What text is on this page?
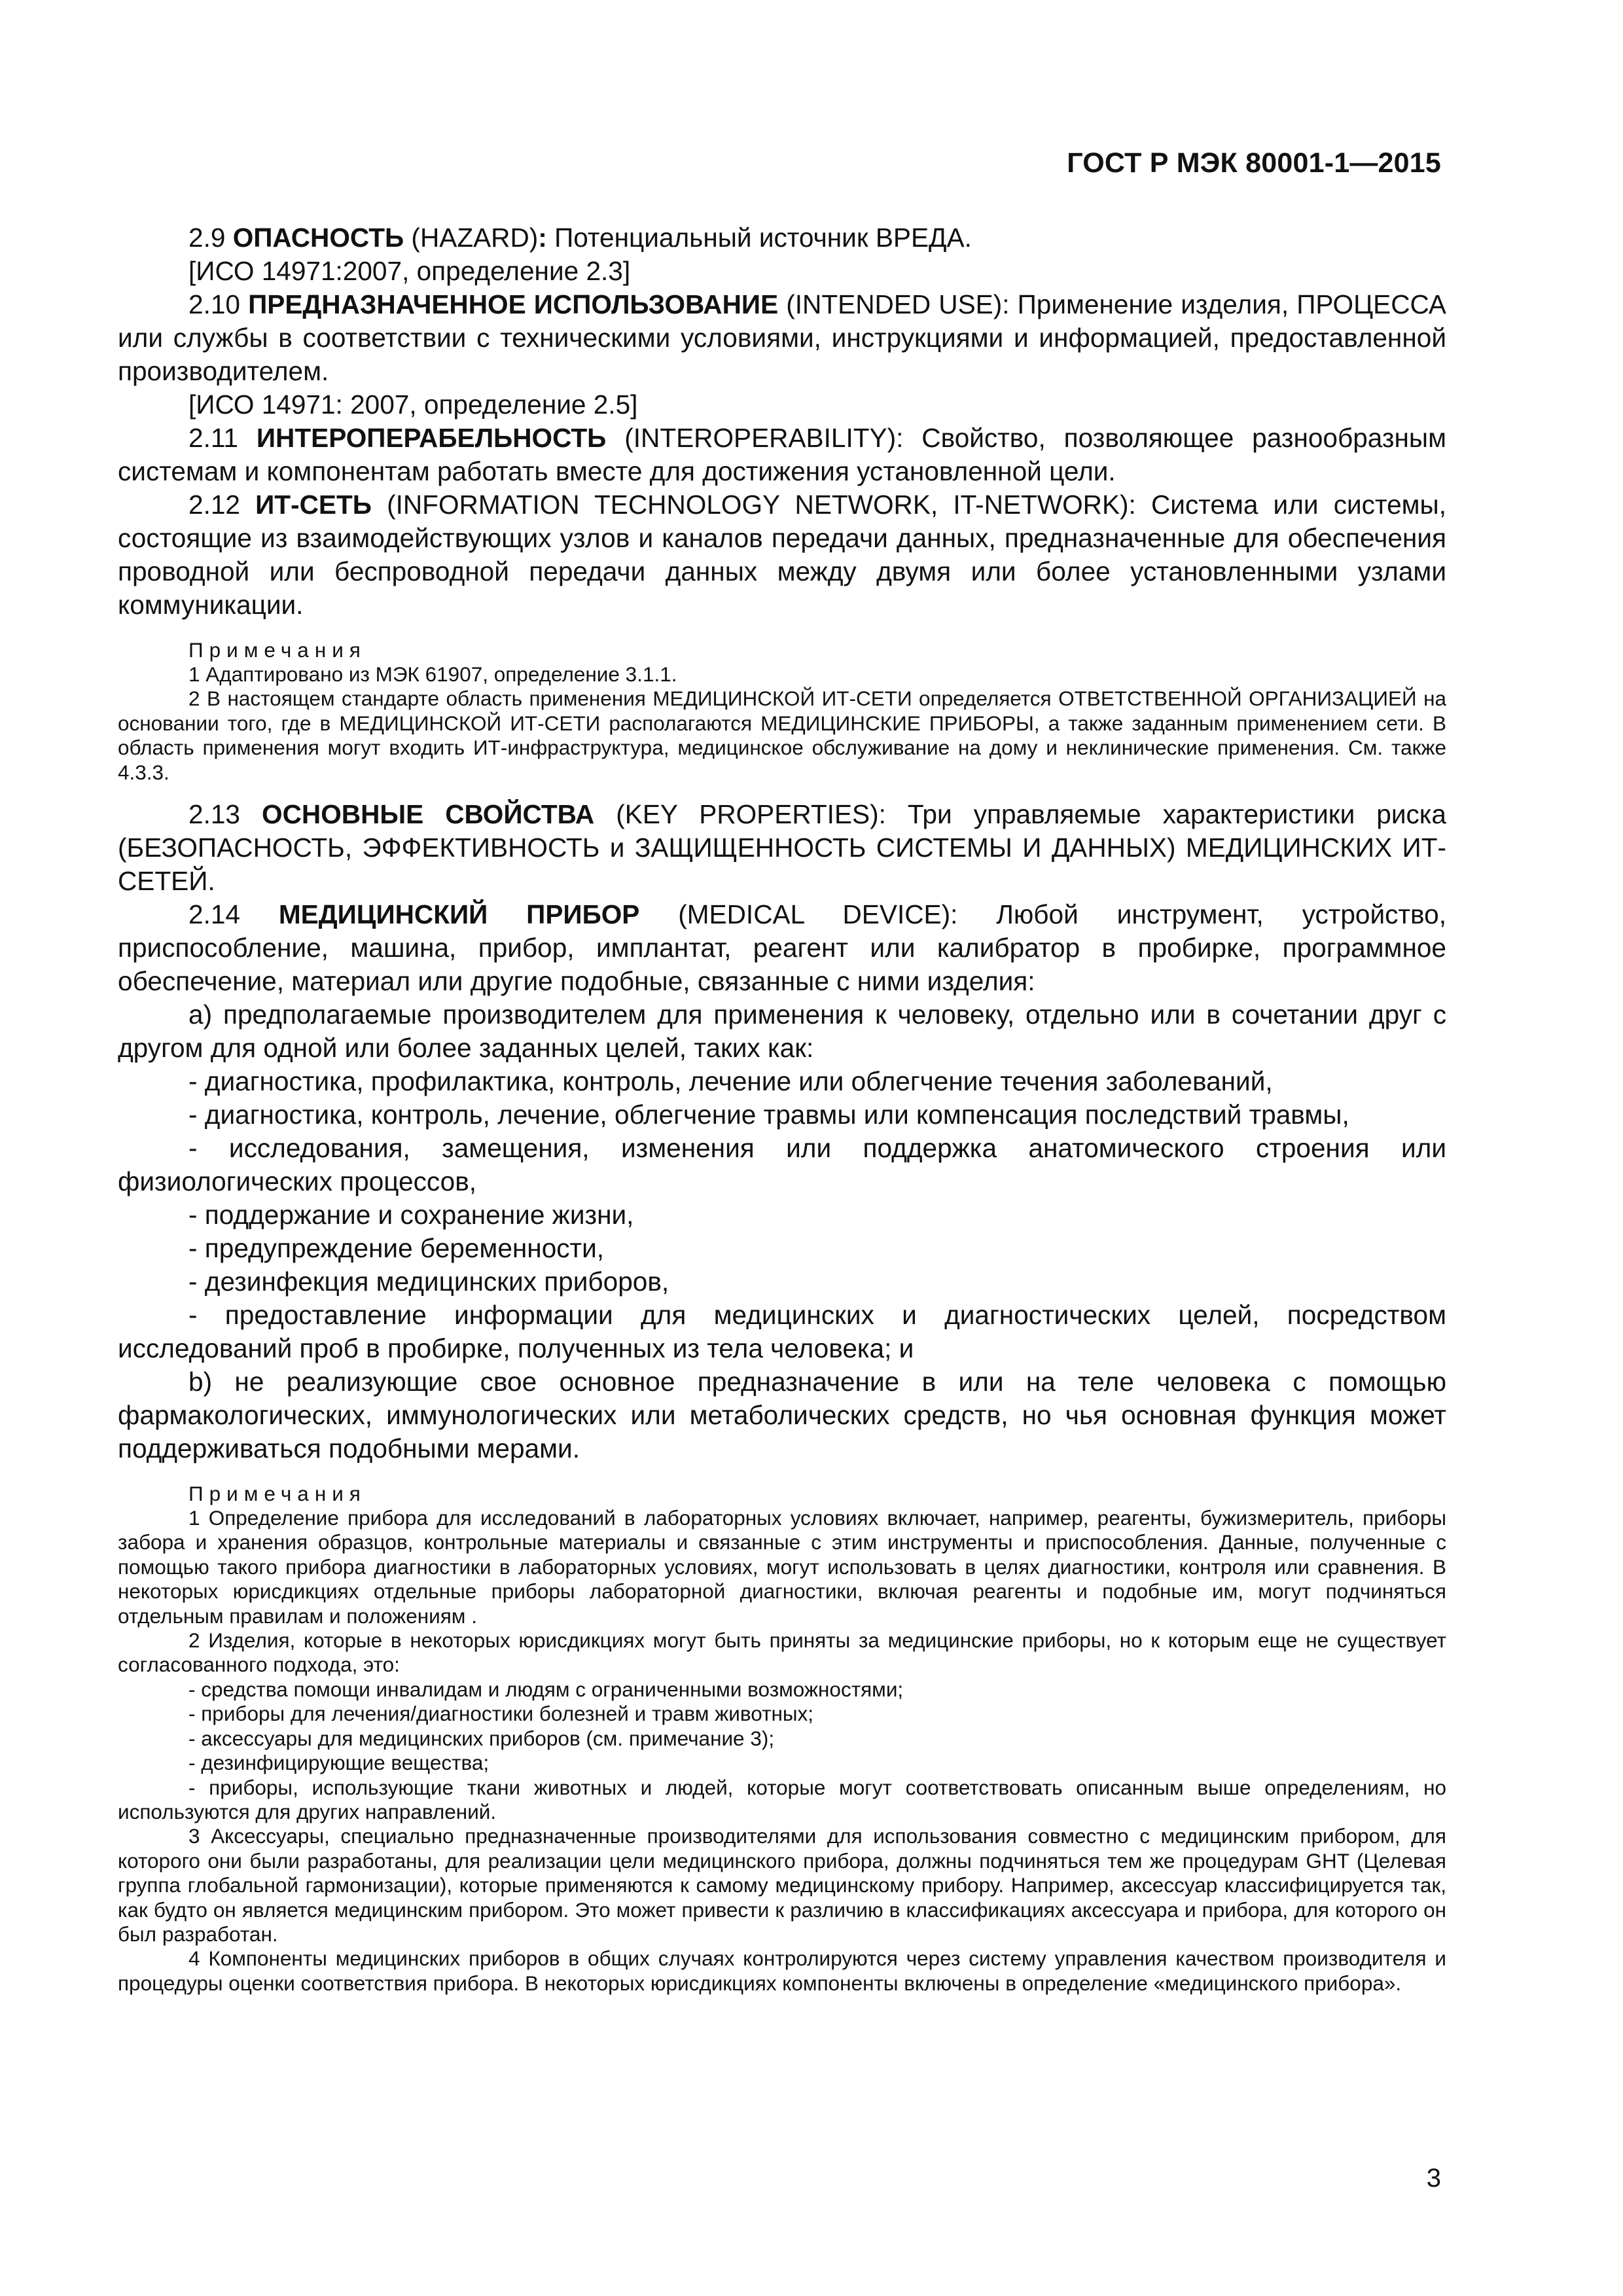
ГОСТ Р МЭК 80001-1—2015

2.9 ОПАСНОСТЬ (HAZARD): Потенциальный источник ВРЕДА.

[ИСО 14971:2007, определение 2.3]

2.10 ПРЕДНАЗНАЧЕННОЕ ИСПОЛЬЗОВАНИЕ (INTENDED USE): Применение изделия, ПРОЦЕССА или службы в соответствии с техническими условиями, инструкциями и информацией, предоставленной производителем.

[ИСО 14971: 2007, определение 2.5]

2.11 ИНТЕРОПЕРАБЕЛЬНОСТЬ (INTEROPERABILITY): Свойство, позволяющее разнообразным системам и компонентам работать вместе для достижения установленной цели.

2.12 ИТ-СЕТЬ (INFORMATION TECHNOLOGY NETWORK, IT-NETWORK): Система или системы, состоящие из взаимодействующих узлов и каналов передачи данных, предназначенные для обеспечения проводной или беспроводной передачи данных между двумя или более установленными узлами коммуникации.

Примечания

1 Адаптировано из МЭК 61907, определение 3.1.1.

2 В настоящем стандарте область применения МЕДИЦИНСКОЙ ИТ-СЕТИ определяется ОТВЕТСТВЕННОЙ ОРГАНИЗАЦИЕЙ на основании того, где в МЕДИЦИНСКОЙ ИТ-СЕТИ располагаются МЕДИЦИНСКИЕ ПРИБОРЫ, а также заданным применением сети. В область применения могут входить ИТ-инфраструктура, медицинское обслуживание на дому и неклинические применения. См. также 4.3.3.

2.13 ОСНОВНЫЕ СВОЙСТВА (KEY PROPERTIES): Три управляемые характеристики риска (БЕЗОПАСНОСТЬ, ЭФФЕКТИВНОСТЬ и ЗАЩИЩЕННОСТЬ СИСТЕМЫ И ДАННЫХ) МЕДИЦИНСКИХ ИТ-СЕТЕЙ.

2.14 МЕДИЦИНСКИЙ ПРИБОР (MEDICAL DEVICE): Любой инструмент, устройство, приспособление, машина, прибор, имплантат, реагент или калибратор в пробирке, программное обеспечение, материал или другие подобные, связанные с ними изделия:

а) предполагаемые производителем для применения к человеку, отдельно или в сочетании друг с другом для одной или более заданных целей, таких как:

- диагностика, профилактика, контроль, лечение или облегчение течения заболеваний,

- диагностика, контроль, лечение, облегчение травмы или компенсация последствий травмы,

- исследования, замещения, изменения или поддержка анатомического строения или физиологических процессов,

- поддержание и сохранение жизни,

- предупреждение беременности,

- дезинфекция медицинских приборов,

- предоставление информации для медицинских и диагностических целей, посредством исследований проб в пробирке, полученных из тела человека; и

b) не реализующие свое основное предназначение в или на теле человека с помощью фармакологических, иммунологических или метаболических средств, но чья основная функция может поддерживаться подобными мерами.

Примечания

1 Определение прибора для исследований в лабораторных условиях включает, например, реагенты, бужизмеритель, приборы забора и хранения образцов, контрольные материалы и связанные с этим инструменты и приспособления. Данные, полученные с помощью такого прибора диагностики в лабораторных условиях, могут использовать в целях диагностики, контроля или сравнения. В некоторых юрисдикциях отдельные приборы лабораторной диагностики, включая реагенты и подобные им, могут подчиняться отдельным правилам и положениям .

2 Изделия, которые в некоторых юрисдикциях могут быть приняты за медицинские приборы, но к которым еще не существует согласованного подхода, это:

- средства помощи инвалидам и людям с ограниченными возможностями;

- приборы для лечения/диагностики болезней и травм животных;

- аксессуары для медицинских приборов (см. примечание 3);

- дезинфицирующие вещества;

- приборы, использующие ткани животных и людей, которые могут соответствовать описанным выше определениям, но используются для других направлений.

3 Аксессуары, специально предназначенные производителями для использования совместно с медицинским прибором, для которого они были разработаны, для реализации цели медицинского прибора, должны подчиняться тем же процедурам GHT (Целевая группа глобальной гармонизации), которые применяются к самому медицинскому прибору. Например, аксессуар классифицируется так, как будто он является медицинским прибором. Это может привести к различию в классификациях аксессуара и прибора, для которого он был разработан.

4 Компоненты медицинских приборов в общих случаях контролируются через систему управления качеством производителя и процедуры оценки соответствия прибора. В некоторых юрисдикциях компоненты включены в определение «медицинского прибора».

3
